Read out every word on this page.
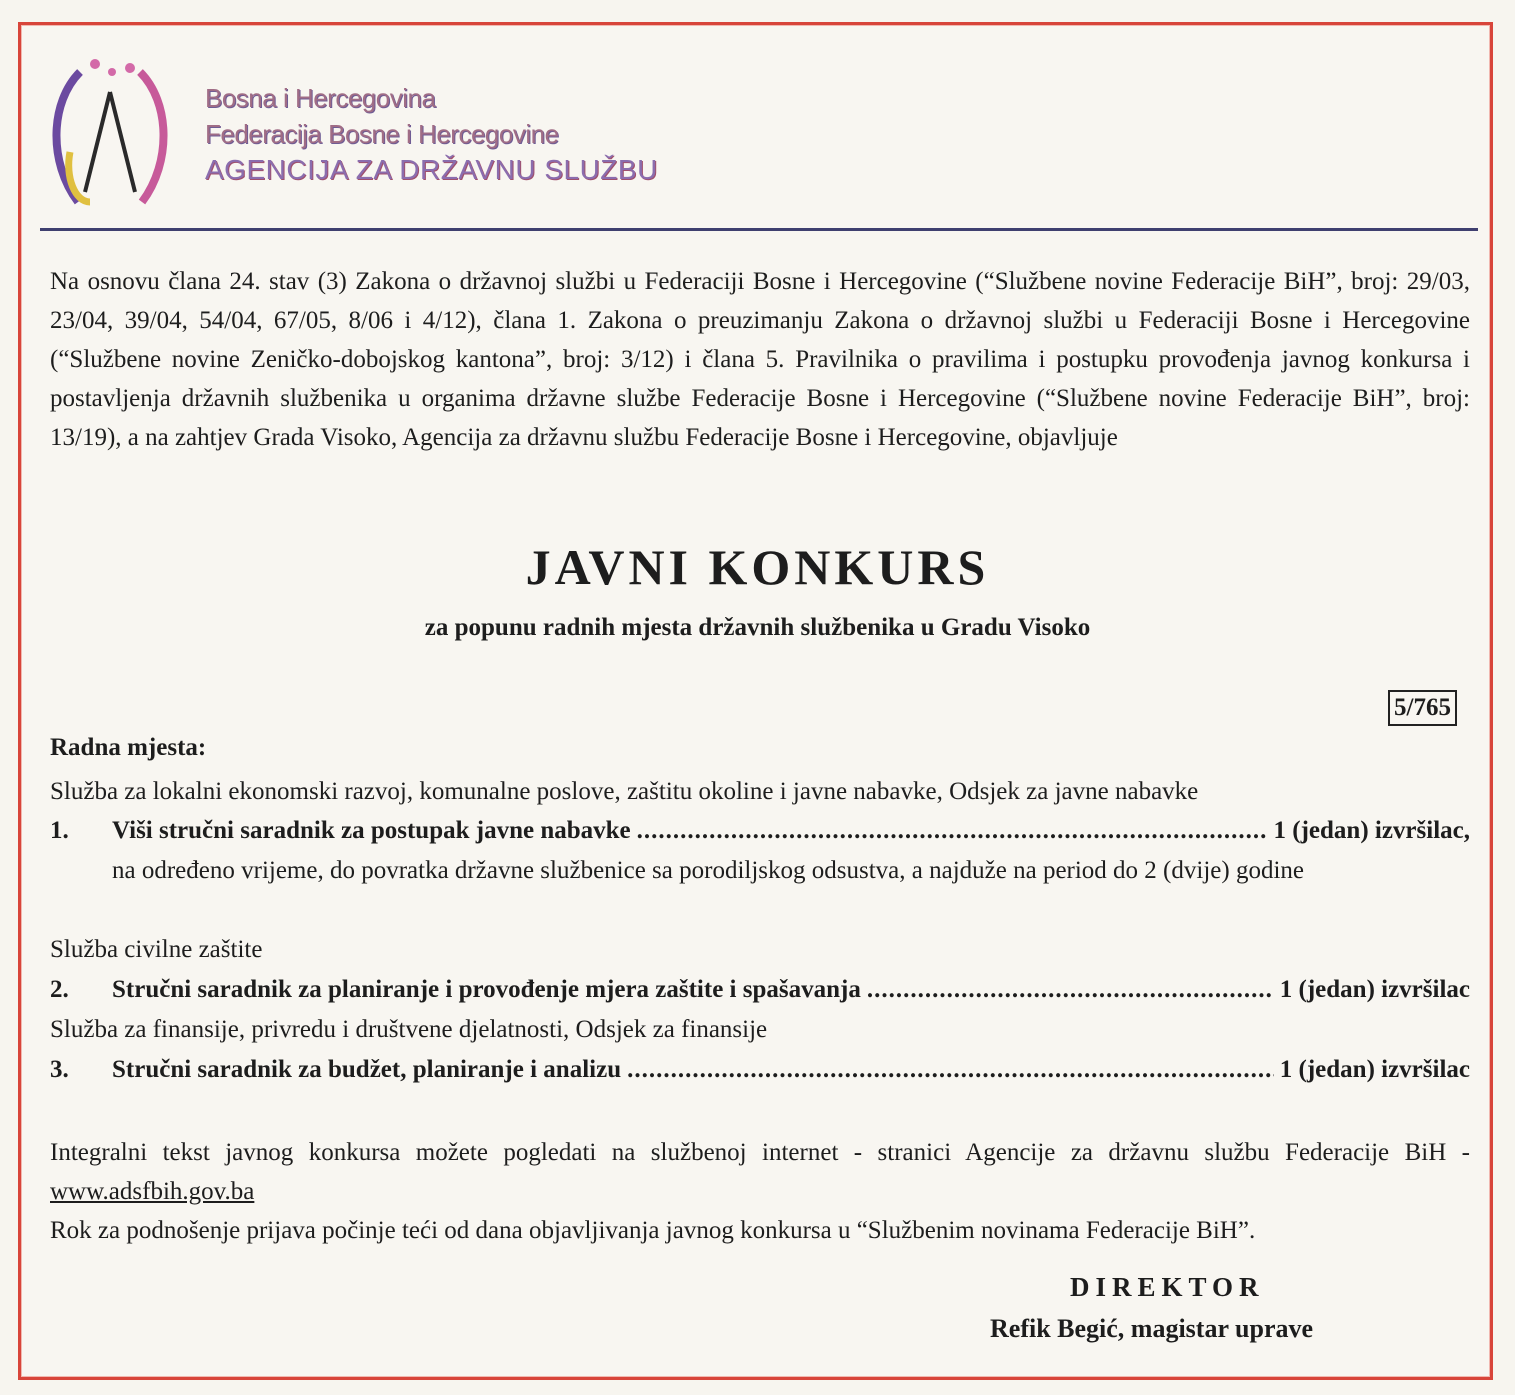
Bosna i Hercegovina
Federacija Bosne i Hercegovine
AGENCIJA ZA DRŽAVNU SLUŽBU

Na osnovu člana 24. stav (3) Zakona o državnoj službi u Federaciji Bosne i Hercegovine (“Službene novine Federacije BiH”, broj: 29/03, 23/04, 39/04, 54/04, 67/05, 8/06 i 4/12), člana 1. Zakona o preuzimanju Zakona o državnoj službi u Federaciji Bosne i Hercegovine (“Službene novine Zeničko-dobojskog kantona”, broj: 3/12) i člana 5. Pravilnika o pravilima i postupku provođenja javnog konkursa i postavljenja državnih službenika u organima državne službe Federacije Bosne i Hercegovine (“Službene novine Federacije BiH”, broj: 13/19), a na zahtjev Grada Visoko, Agencija za državnu službu Federacije Bosne i Hercegovine, objavljuje

JAVNI KONKURS
za popunu radnih mjesta državnih službenika u Gradu Visoko
5/765
Radna mjesta:
Služba za lokalni ekonomski razvoj, komunalne poslove, zaštitu okoline i javne nabavke, Odsjek za javne nabavke
1.	Viši stručni saradnik za postupak javne nabavke .....	1 (jedan) izvršilac,
na određeno vrijeme, do povratka državne službenice sa porodiljskog odsustva, a najduže na period do 2 (dvije) godine
Služba civilne zaštite
2.	Stručni saradnik za planiranje i provođenje mjera zaštite i spašavanja .....	1 (jedan) izvršilac
Služba za finansije, privredu i društvene djelatnosti, Odsjek za finansije
3.	Stručni saradnik za budžet, planiranje i analizu .....	1 (jedan) izvršilac

Integralni tekst javnog konkursa možete pogledati na službenoj internet - stranici Agencije za državnu službu Federacije BiH - www.adsfbih.gov.ba
Rok za podnošenje prijava počinje teći od dana objavljivanja javnog konkursa u “Službenim novinama Federacije BiH”.

DIREKTOR
Refik Begić, magistar uprave
